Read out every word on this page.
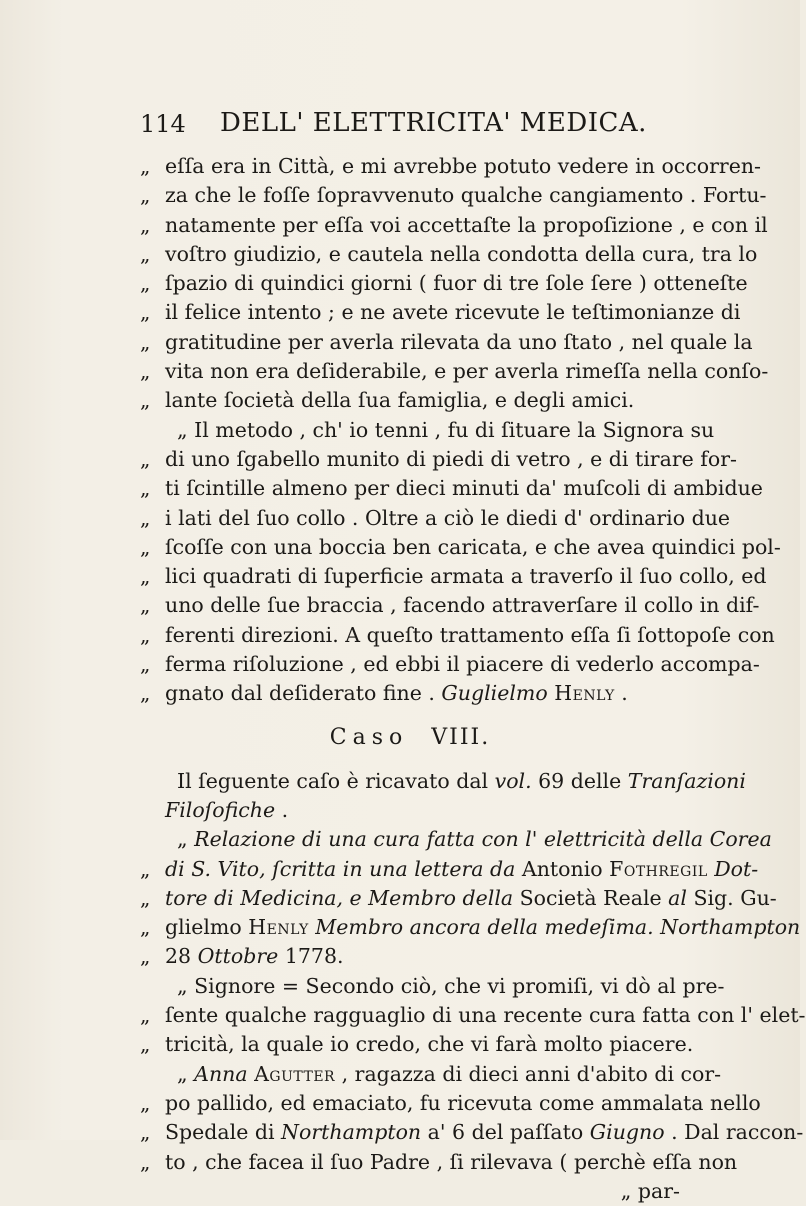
114 DELL' ELETTRICITA' MEDICA.
„ eſſa era in Città, e mi avrebbe potuto vedere in occorren-
„ za che le foſſe ſopravvenuto qualche cangiamento . Fortu-
„ natamente per eſſa voi accettaſte la propoſizione , e con il
„ voſtro giudizio, e cautela nella condotta della cura, tra lo
„ ſpazio di quindici giorni ( fuor di tre ſole ſere ) otteneſte
„ il felice intento ; e ne avete ricevute le teſtimonianze di
„ gratitudine per averla rilevata da uno ſtato , nel quale la
„ vita non era deſiderabile, e per averla rimeſſa nella conſo-
„ lante ſocietà della ſua famiglia, e degli amici.
„ Il metodo , ch' io tenni , fu di ſituare la Signora su
„ di uno ſgabello munito di piedi di vetro , e di tirare for-
„ ti ſcintille almeno per dieci minuti da' muſcoli di ambidue
„ i lati del ſuo collo . Oltre a ciò le diedi d' ordinario due
„ ſcoſſe con una boccia ben caricata, e che avea quindici pol-
„ lici quadrati di ſuperficie armata a traverſo il ſuo collo, ed
„ uno delle ſue braccia , facendo attraverſare il collo in dif-
„ ferenti direzioni. A queſto trattamento eſſa ſi ſottopoſe con
„ ferma riſoluzione , ed ebbi il piacere di vederlo accompa-
„ gnato dal deſiderato fine . Guglielmo Henly .
Caso VIII.
Il ſeguente caſo è ricavato dal vol. 69 delle Tranſazioni
Filoſofiche .
„ Relazione di una cura fatta con l' elettricità della Corea
„ di S. Vito, ſcritta in una lettera da Antonio Fothregil Dot-
„ tore di Medicina, e Membro della Società Reale al Sig. Gu-
„ glielmo Henly Membro ancora della medeſima. Northampton
„ 28 Ottobre 1778.
„ Signore = Secondo ciò, che vi promiſi, vi dò al pre-
„ ſente qualche ragguaglio di una recente cura fatta con l' elet-
„ tricità, la quale io credo, che vi farà molto piacere.
„ Anna Agutter , ragazza di dieci anni d'abito di cor-
„ po pallido, ed emaciato, fu ricevuta come ammalata nello
„ Spedale di Northampton a' 6 del paſſato Giugno . Dal raccon-
„ to , che facea il ſuo Padre , ſi rilevava ( perchè eſſa non
„ par-
